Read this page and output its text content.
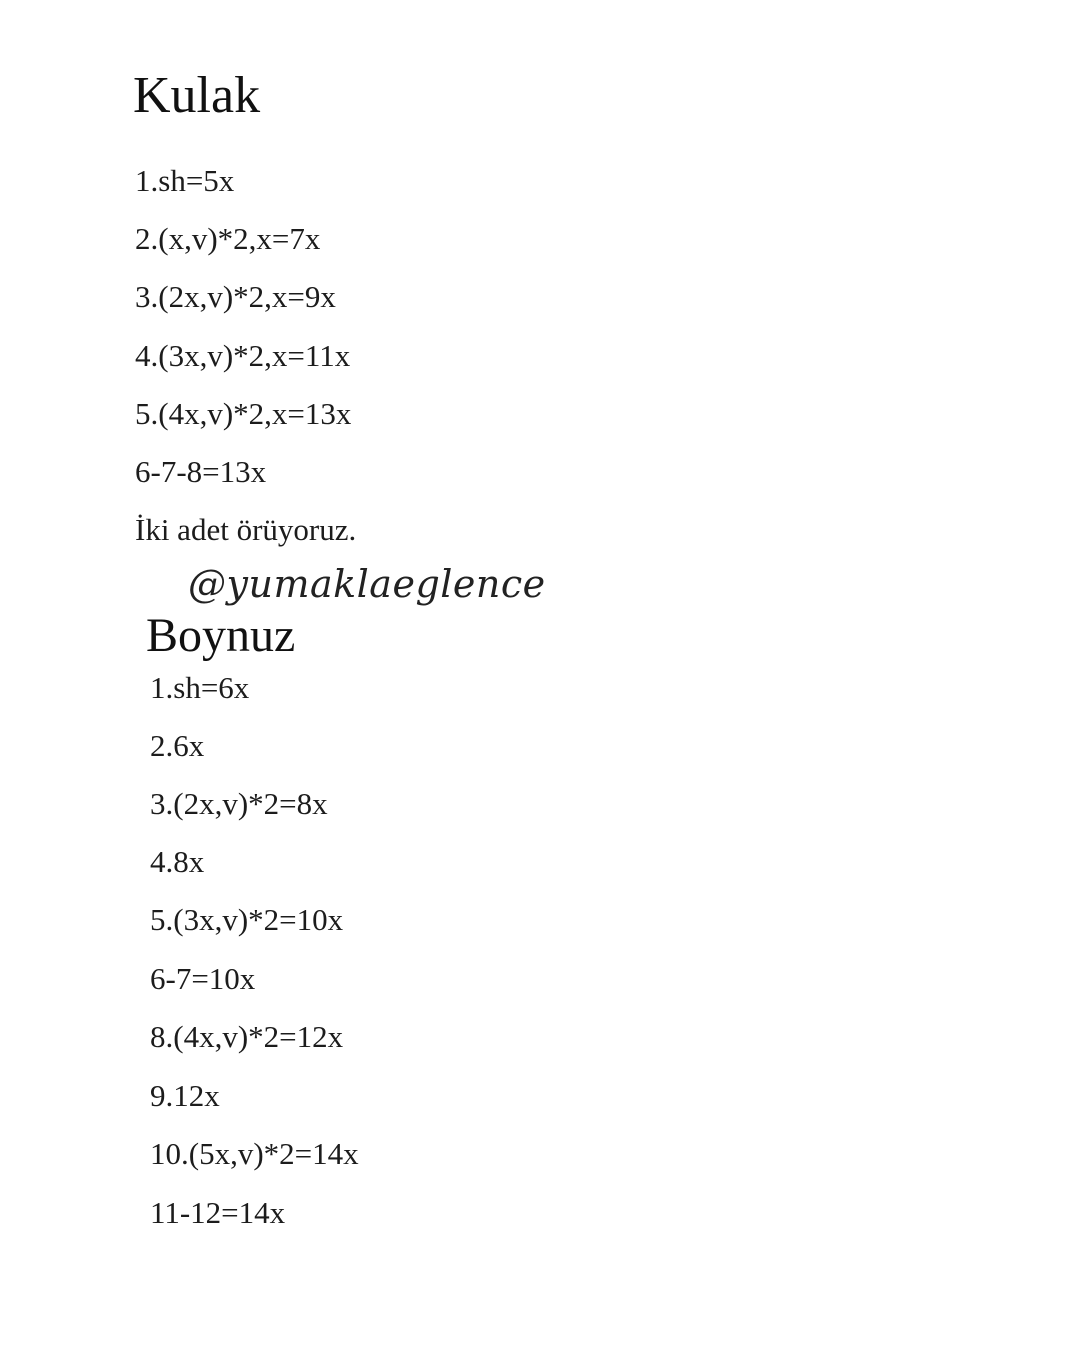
Kulak

1.sh=5x

2.(x,v)*2,x=7x

3.(2x,v)*2,x=9x

4.(3x,v)*2,x=11x

5.(4x,v)*2,x=13x

6-7-8=13x

İki adet örüyoruz.

@yumaklaeglence
Boynuz

1.sh=6x

2.6x

3.(2x,v)*2=8x

4.8x

5.(3x,v)*2=10x

6-7=10x

8.(4x,v)*2=12x

9.12x

10.(5x,v)*2=14x

11-12=14x
